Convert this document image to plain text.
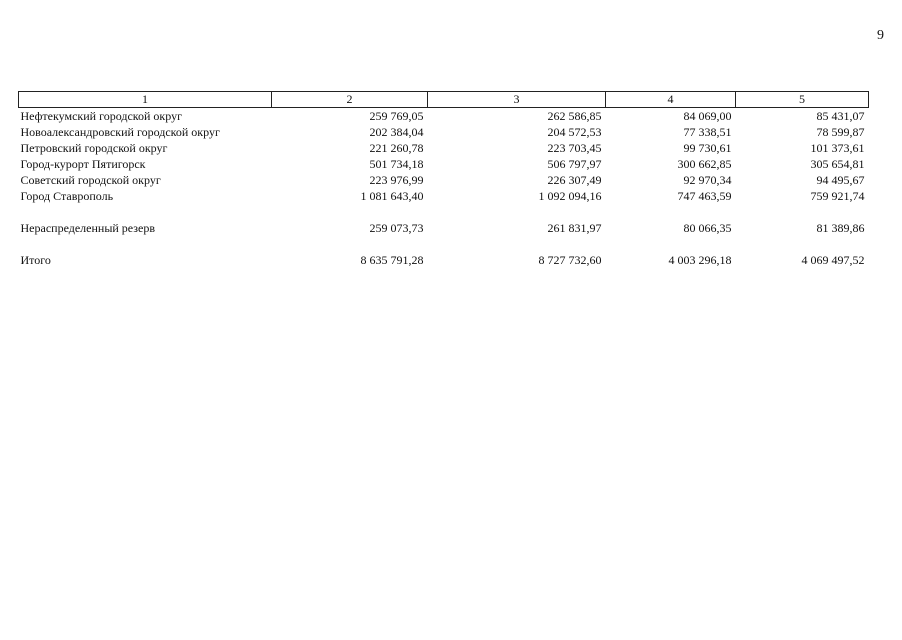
9
1	2	3	4	5
Нефтекумский городской округ	259 769,05	262 586,85	84 069,00	85 431,07
Новоалександровский городской округ	202 384,04	204 572,53	77 338,51	78 599,87
Петровский городской округ	221 260,78	223 703,45	99 730,61	101 373,61
Город-курорт Пятигорск	501 734,18	506 797,97	300 662,85	305 654,81
Советский городской округ	223 976,99	226 307,49	92 970,34	94 495,67
Город Ставрополь	1 081 643,40	1 092 094,16	747 463,59	759 921,74

Нераспределенный резерв	259 073,73	261 831,97	80 066,35	81 389,86

Итого	8 635 791,28	8 727 732,60	4 003 296,18	4 069 497,52
